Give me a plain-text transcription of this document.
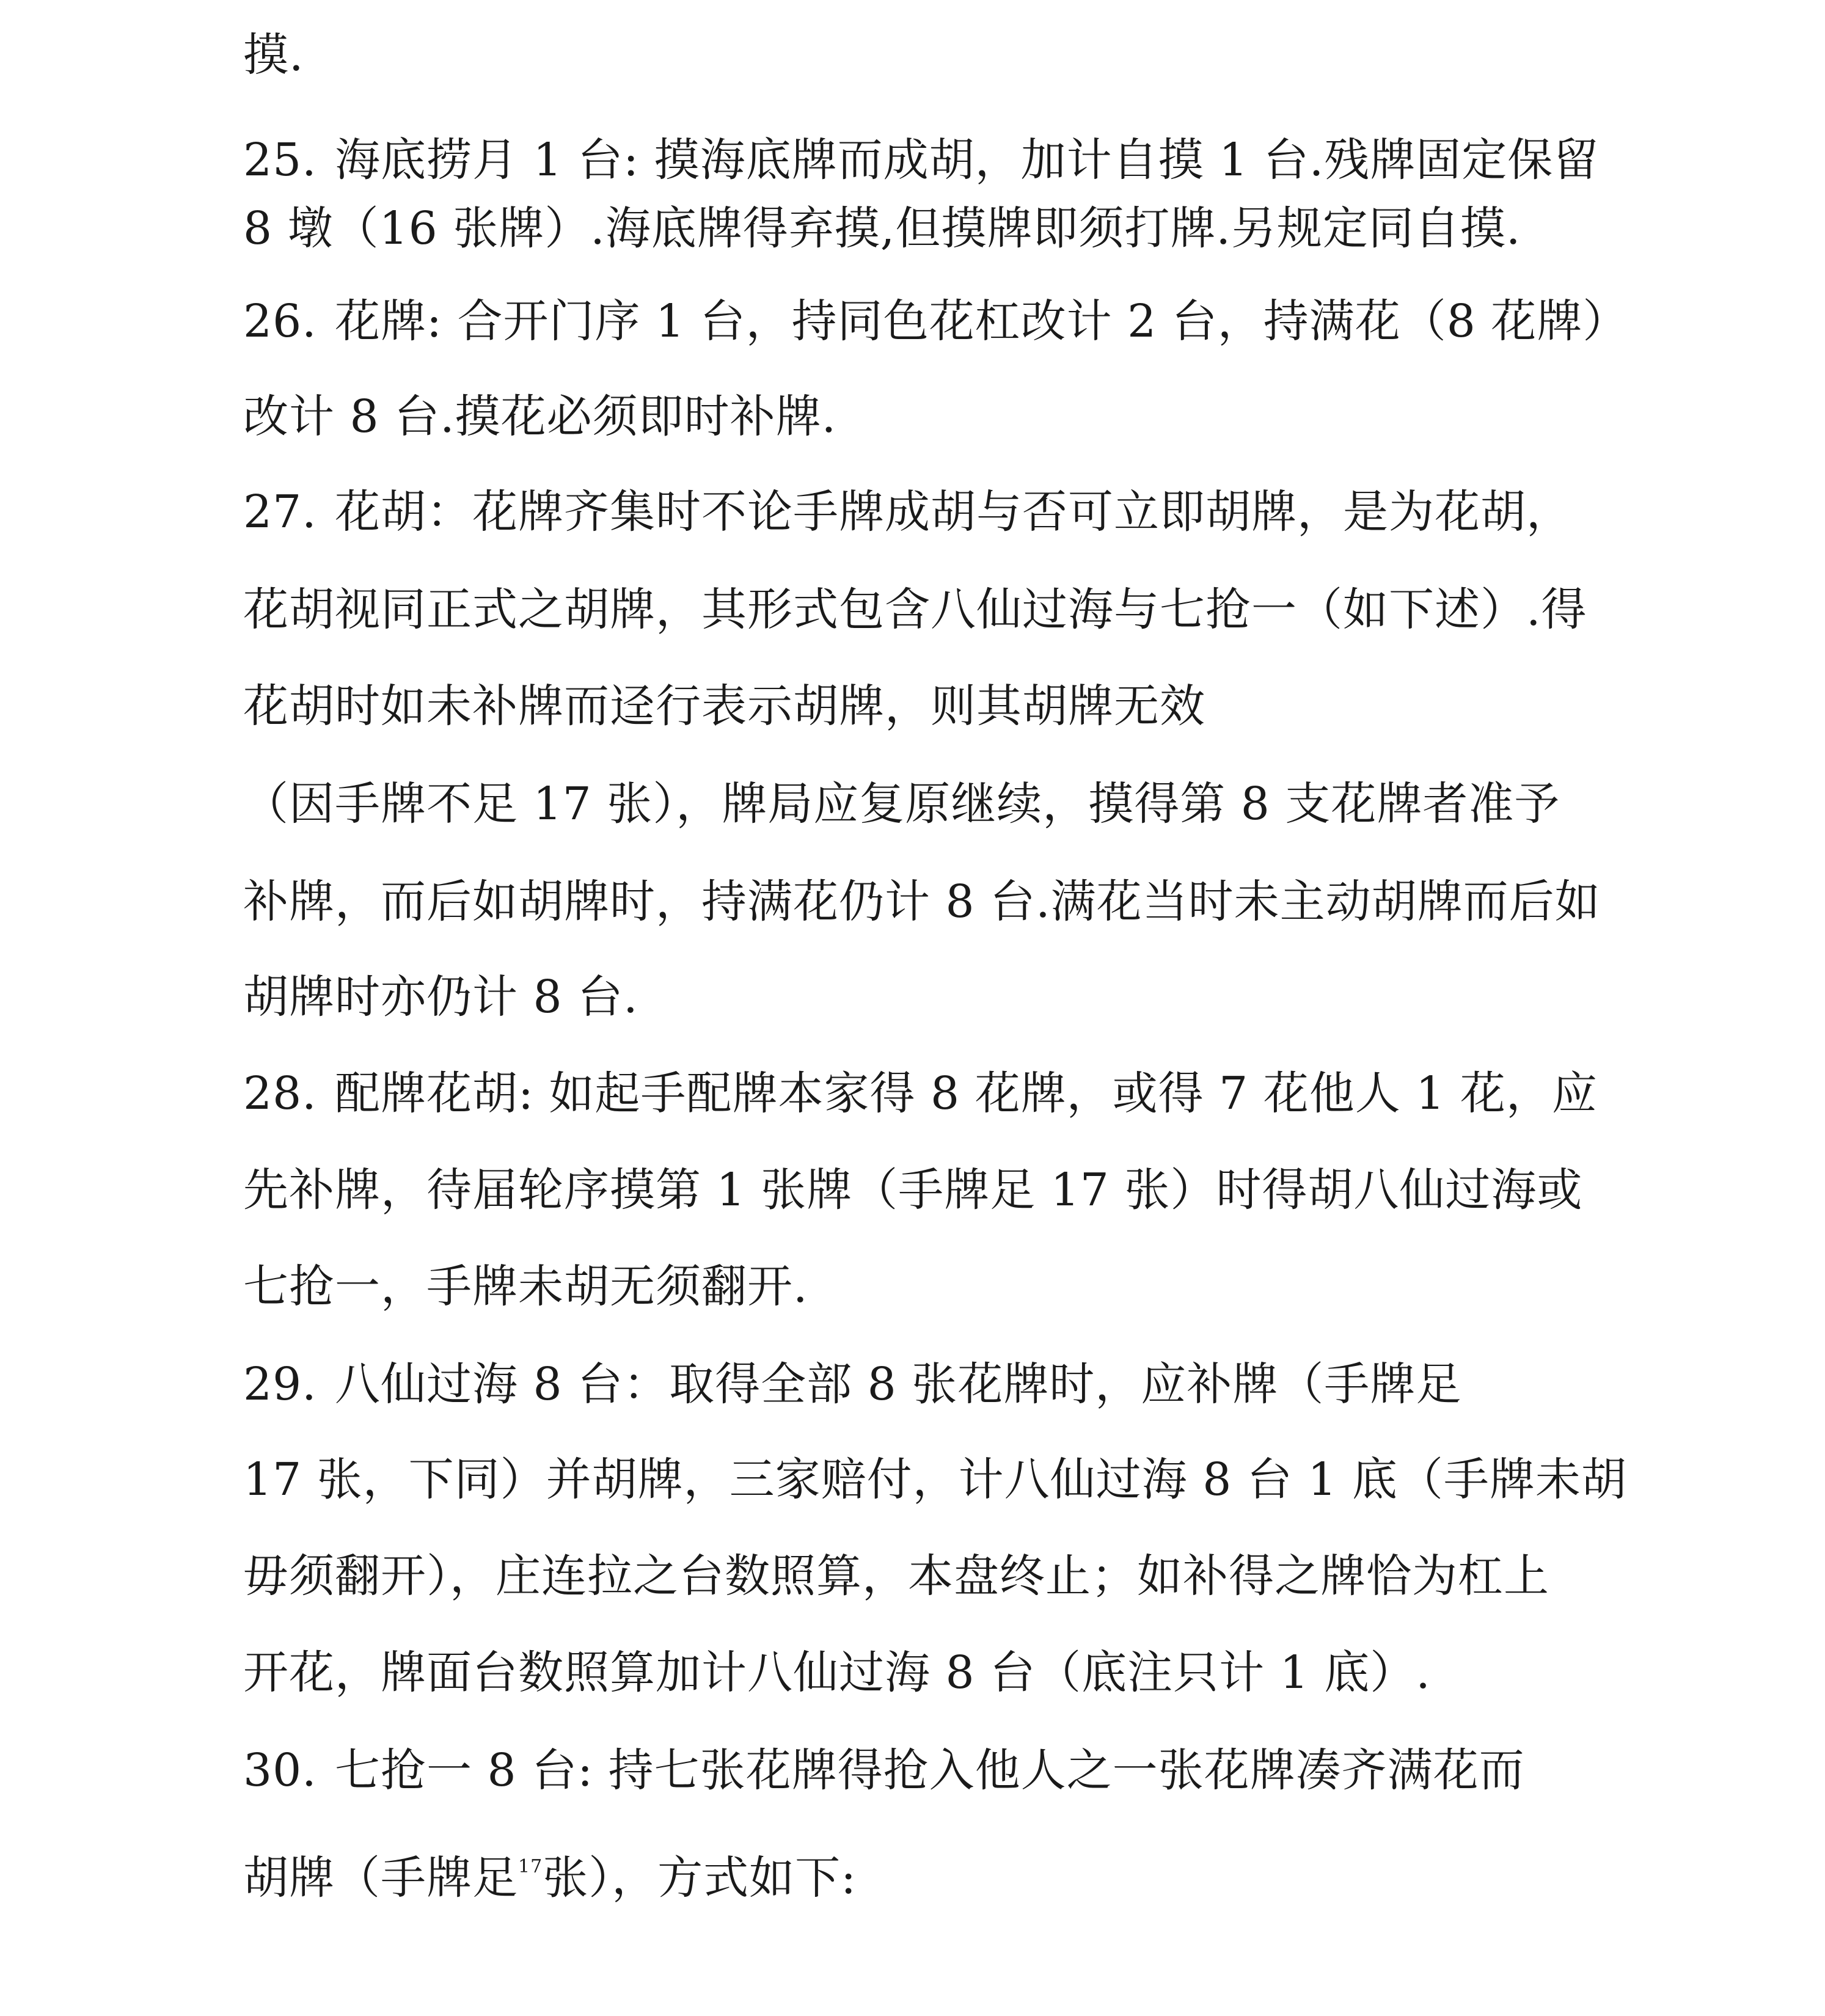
摸.
25. 海底捞月 1 台: 摸海底牌而成胡，加计自摸 1 台.残牌固定保留
8 墩（16 张牌）.海底牌得弃摸,但摸牌即须打牌.另规定同自摸.
26. 花牌: 合开门序 1 台，持同色花杠改计 2 台，持满花（8 花牌）
改计 8 台.摸花必须即时补牌.
27. 花胡：花牌齐集时不论手牌成胡与否可立即胡牌，是为花胡，
花胡视同正式之胡牌，其形式包含八仙过海与七抢一（如下述）.得
花胡时如未补牌而迳行表示胡牌，则其胡牌无效
（因手牌不足 17 张），牌局应复原继续，摸得第 8 支花牌者准予
补牌，而后如胡牌时，持满花仍计 8 台.满花当时未主动胡牌而后如
胡牌时亦仍计 8 台.
28. 配牌花胡: 如起手配牌本家得 8 花牌，或得 7 花他人 1 花，应
先补牌，待届轮序摸第 1 张牌（手牌足 17 张）时得胡八仙过海或
七抢一，手牌未胡无须翻开.
29. 八仙过海 8 台：取得全部 8 张花牌时，应补牌（手牌足
17 张，下同）并胡牌，三家赔付，计八仙过海 8 台 1 底（手牌未胡
毋须翻开），庄连拉之台数照算，本盘终止；如补得之牌恰为杠上
开花，牌面台数照算加计八仙过海 8 台（底注只计 1 底）.
30. 七抢一 8 台: 持七张花牌得抢入他人之一张花牌凑齐满花而
胡牌（手牌足$^{17}$张），方式如下:
